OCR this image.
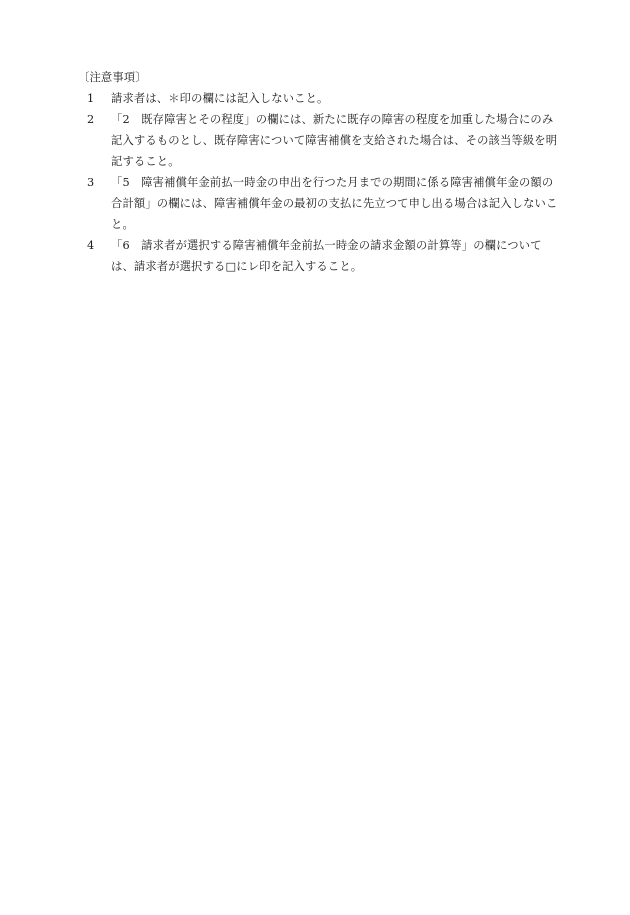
〔注意事項〕
1	請求者は、＊印の欄には記入しないこと。
2	「2　既存障害とその程度」の欄には、新たに既存の障害の程度を加重した場合にのみ記入するものとし、既存障害について障害補償を支給された場合は、その該当等級を明記すること。
3	「5　障害補償年金前払一時金の申出を行つた月までの期間に係る障害補償年金の額の合計額」の欄には、障害補償年金の最初の支払に先立つて申し出る場合は記入しないこと。
4	「6　請求者が選択する障害補償年金前払一時金の請求金額の計算等」の欄については、請求者が選択する□にレ印を記入すること。
